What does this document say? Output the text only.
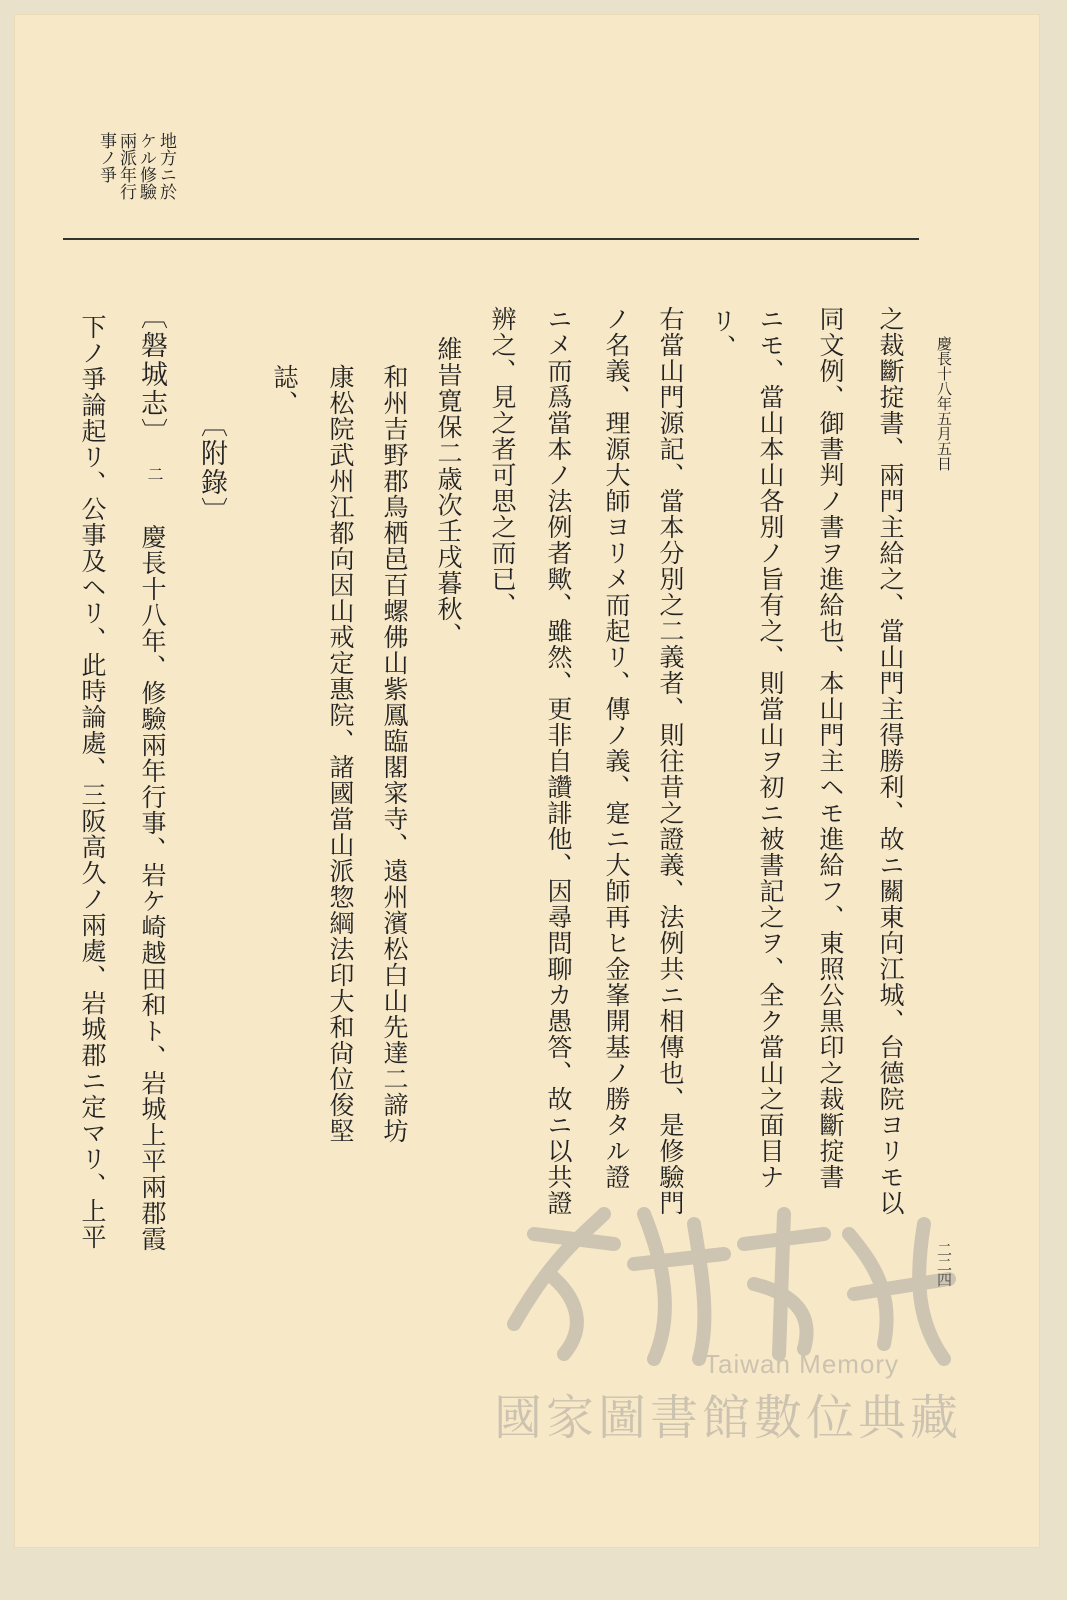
地方ニ於
ケル修驗
兩派年行
事ノ爭
慶長十八年五月五日
二二四
之裁斷掟書、兩門主給之、當山門主得勝利、故ニ關東向江城、台德院ヨリモ以
同文例、御書判ノ書ヲ進給也、本山門主ヘモ進給フ、東照公黒印之裁斷掟書
ニモ、當山本山各別ノ旨有之、則當山ヲ初ニ被書記之ヲ、全ク當山之面目ナ
リ、
右當山門源記、當本分別之二義者、則往昔之證義、法例共ニ相傳也、是修驗門
ノ名義、理源大師ヨリメ而起リ、傳ノ義、寔ニ大師再ヒ金峯開基ノ勝タル證
ニメ而爲當本ノ法例者歟、雖然、更非自讚誹他、因尋問聊カ愚答、故ニ以共證
辨之、見之者可思之而已、
維旹寛保二歳次壬戌暮秋、
和州吉野郡鳥栖邑百螺佛山紫鳳臨閣寀寺、遠州濱松白山先達二諦坊
康松院武州江都向因山戒定惠院、諸國當山派惣綱法印大和尙位俊堅
誌、
〔附錄〕
〔磐城志〕
二
慶長十八年、修驗兩年行事、岩ケ崎越田和ト、岩城上平兩郡霞
下ノ爭論起リ、公事及ヘリ、此時論處、三阪高久ノ兩處、岩城郡ニ定マリ、上平
Taiwan Memory
國家圖書館數位典藏
